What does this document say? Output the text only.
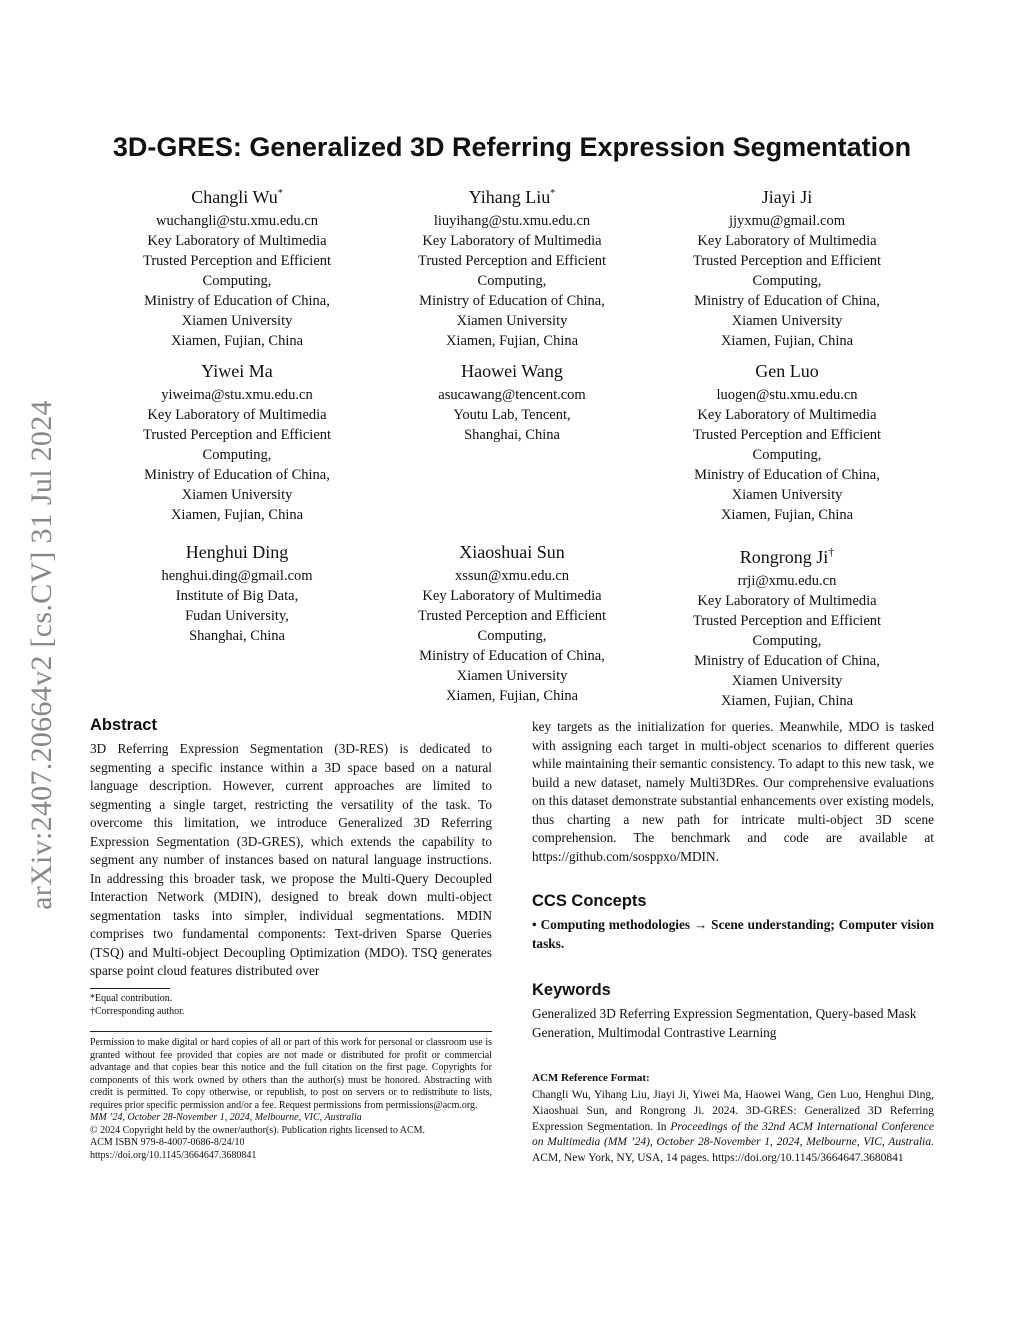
arXiv:2407.20664v2 [cs.CV] 31 Jul 2024
3D-GRES: Generalized 3D Referring Expression Segmentation
Changli Wu*
wuchangli@stu.xmu.edu.cn
Key Laboratory of Multimedia
Trusted Perception and Efficient
Computing,
Ministry of Education of China,
Xiamen University
Xiamen, Fujian, China
Yihang Liu*
liuyihang@stu.xmu.edu.cn
Key Laboratory of Multimedia
Trusted Perception and Efficient
Computing,
Ministry of Education of China,
Xiamen University
Xiamen, Fujian, China
Jiayi Ji
jjyxmu@gmail.com
Key Laboratory of Multimedia
Trusted Perception and Efficient
Computing,
Ministry of Education of China,
Xiamen University
Xiamen, Fujian, China
Yiwei Ma
yiweima@stu.xmu.edu.cn
Key Laboratory of Multimedia
Trusted Perception and Efficient
Computing,
Ministry of Education of China,
Xiamen University
Xiamen, Fujian, China
Haowei Wang
asucawang@tencent.com
Youtu Lab, Tencent,
Shanghai, China
Gen Luo
luogen@stu.xmu.edu.cn
Key Laboratory of Multimedia
Trusted Perception and Efficient
Computing,
Ministry of Education of China,
Xiamen University
Xiamen, Fujian, China
Henghui Ding
henghui.ding@gmail.com
Institute of Big Data,
Fudan University,
Shanghai, China
Xiaoshuai Sun
xssun@xmu.edu.cn
Key Laboratory of Multimedia
Trusted Perception and Efficient
Computing,
Ministry of Education of China,
Xiamen University
Xiamen, Fujian, China
Rongrong Ji†
rrji@xmu.edu.cn
Key Laboratory of Multimedia
Trusted Perception and Efficient
Computing,
Ministry of Education of China,
Xiamen University
Xiamen, Fujian, China
Abstract
3D Referring Expression Segmentation (3D-RES) is dedicated to segmenting a specific instance within a 3D space based on a natural language description. However, current approaches are limited to segmenting a single target, restricting the versatility of the task. To overcome this limitation, we introduce Generalized 3D Referring Expression Segmentation (3D-GRES), which extends the capability to segment any number of instances based on natural language instructions. In addressing this broader task, we propose the Multi-Query Decoupled Interaction Network (MDIN), designed to break down multi-object segmentation tasks into simpler, individual segmentations. MDIN comprises two fundamental components: Text-driven Sparse Queries (TSQ) and Multi-object Decoupling Optimization (MDO). TSQ generates sparse point cloud features distributed over
*Equal contribution.
†Corresponding author.
Permission to make digital or hard copies of all or part of this work for personal or classroom use is granted without fee provided that copies are not made or distributed for profit or commercial advantage and that copies bear this notice and the full citation on the first page. Copyrights for components of this work owned by others than the author(s) must be honored. Abstracting with credit is permitted. To copy otherwise, or republish, to post on servers or to redistribute to lists, requires prior specific permission and/or a fee. Request permissions from permissions@acm.org.
MM ’24, October 28-November 1, 2024, Melbourne, VIC, Australia
© 2024 Copyright held by the owner/author(s). Publication rights licensed to ACM.
ACM ISBN 979-8-4007-0686-8/24/10
https://doi.org/10.1145/3664647.3680841
key targets as the initialization for queries. Meanwhile, MDO is tasked with assigning each target in multi-object scenarios to different queries while maintaining their semantic consistency. To adapt to this new task, we build a new dataset, namely Multi3DRes. Our comprehensive evaluations on this dataset demonstrate substantial enhancements over existing models, thus charting a new path for intricate multi-object 3D scene comprehension. The benchmark and code are available at https://github.com/sosppxo/MDIN.
CCS Concepts
• Computing methodologies → Scene understanding; Computer vision tasks.
Keywords
Generalized 3D Referring Expression Segmentation, Query-based Mask Generation, Multimodal Contrastive Learning
ACM Reference Format:
Changli Wu, Yihang Liu, Jiayi Ji, Yiwei Ma, Haowei Wang, Gen Luo, Henghui Ding, Xiaoshuai Sun, and Rongrong Ji. 2024. 3D-GRES: Generalized 3D Referring Expression Segmentation. In Proceedings of the 32nd ACM International Conference on Multimedia (MM ’24), October 28-November 1, 2024, Melbourne, VIC, Australia. ACM, New York, NY, USA, 14 pages. https://doi.org/10.1145/3664647.3680841
